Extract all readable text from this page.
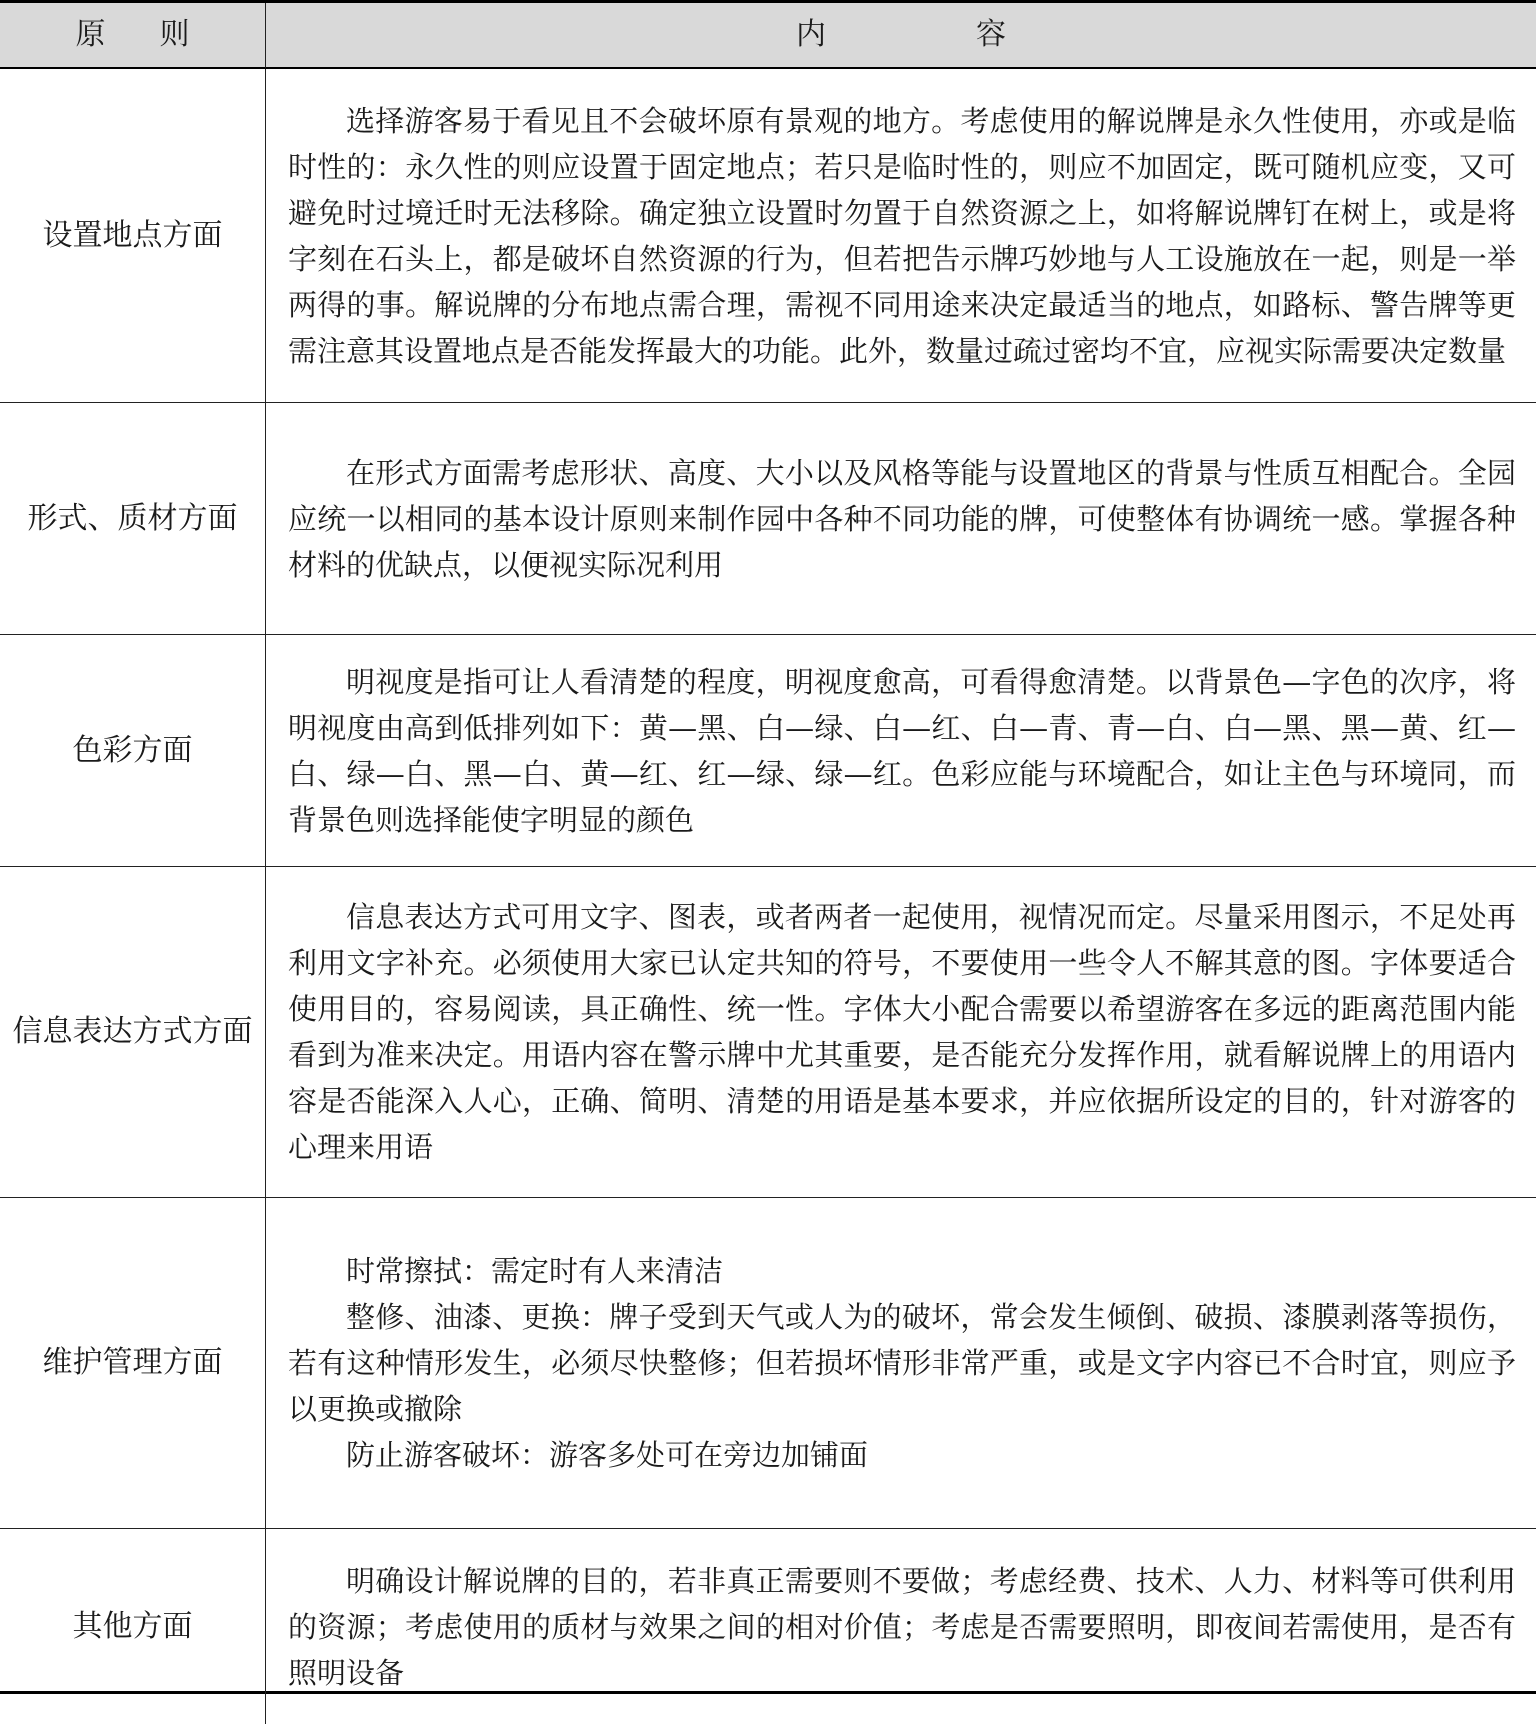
原 则	内	容
设置地点方面

选择游客易于看见且不会破坏原有景观的地方。考虑使用的解说牌是永久性使用，亦或是临时性的：永久性的则应设置于固定地点；若只是临时性的，则应不加固定，既可随机应变，又可避免时过境迁时无法移除。确定独立设置时勿置于自然资源之上，如将解说牌钉在树上，或是将字刻在石头上，都是破坏自然资源的行为，但若把告示牌巧妙地与人工设施放在一起，则是一举两得的事。解说牌的分布地点需合理，需视不同用途来决定最适当的地点，如路标、警告牌等更需注意其设置地点是否能发挥最大的功能。此外，数量过疏过密均不宜，应视实际需要决定数量

形式、质材方面

在形式方面需考虑形状、高度、大小以及风格等能与设置地区的背景与性质互相配合。全园应统一以相同的基本设计原则来制作园中各种不同功能的牌，可使整体有协调统一感。掌握各种材料的优缺点，以便视实际况利用

色彩方面

明视度是指可让人看清楚的程度，明视度愈高，可看得愈清楚。以背景色—字色的次序，将明视度由高到低排列如下：黄—黑、白—绿、白—红、白—青、青—白、白—黑、黑—黄、红—白、绿—白、黑—白、黄—红、红—绿、绿—红。色彩应能与环境配合，如让主色与环境同，而背景色则选择能使字明显的颜色

信息表达方式方面

信息表达方式可用文字、图表，或者两者一起使用，视情况而定。尽量采用图示，不足处再利用文字补充。必须使用大家已认定共知的符号，不要使用一些令人不解其意的图。字体要适合使用目的，容易阅读，具正确性、统一性。字体大小配合需要以希望游客在多远的距离范围内能看到为准来决定。用语内容在警示牌中尤其重要，是否能充分发挥作用，就看解说牌上的用语内容是否能深入人心，正确、简明、清楚的用语是基本要求，并应依据所设定的目的，针对游客的心理来用语

维护管理方面

时常擦拭：需定时有人来清洁

整修、油漆、更换：牌子受到天气或人为的破坏，常会发生倾倒、破损、漆膜剥落等损伤，若有这种情形发生，必须尽快整修；但若损坏情形非常严重，或是文字内容已不合时宜，则应予以更换或撤除

防止游客破坏：游客多处可在旁边加铺面

其他方面

明确设计解说牌的目的，若非真正需要则不要做；考虑经费、技术、人力、材料等可供利用的资源；考虑使用的质材与效果之间的相对价值；考虑是否需要照明，即夜间若需使用，是否有照明设备
